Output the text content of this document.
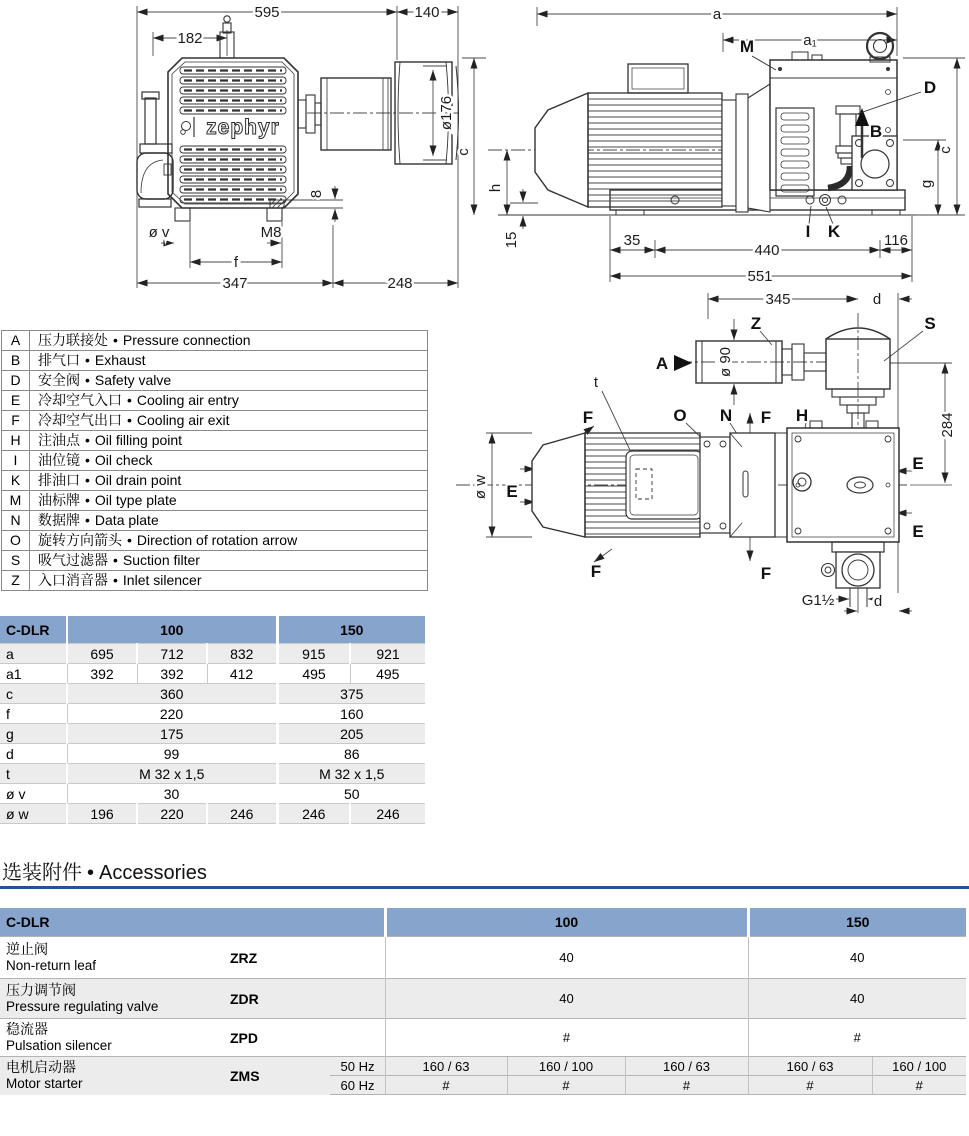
zephyr
595	140
182
ø176
8
ø v	M8
f
347	248
a
a₁
M
D
B
I K
c
h
15
g
c
35
440
116
551
345	d
Z	S
A	ø 90
284
t
F	F
F	F
O N	H
E
E
E
ø w
G1½	d
A	压力联接处 • Pressure connection
B	排气口 • Exhaust
D	安全阀 • Safety valve
E	冷却空气入口 • Cooling air entry
F	冷却空气出口 • Cooling air exit
H	注油点 • Oil filling point
I	油位镜 • Oil check
K	排油口 • Oil drain point
M	油标牌 • Oil type plate
N	数据牌 • Data plate
O	旋转方向箭头 • Direction of rotation arrow
S	吸气过滤器 • Suction filter
Z	入口消音器 • Inlet silencer
C-DLR	100			150	
a	695	712	832	915	921
a1	392	392	412	495	495
c	360			375	
f	220			160	
g	175			205	
d	99			86	
t	M 32 x 1,5			M 32 x 1,5	
ø v	30			50	
ø w	196	220	246	246	246
选装附件 • Accessories
C-DLR			100			150	

逆止阀
Non-return leaf	ZRZ		40			40	

压力调节阀
Pressure regulating valve	ZDR		40			40	

稳流器
Pulsation silencer	ZPD		#			#	

电机启动器
Motor starter	ZMS	50 Hz	160 / 63	160 / 100	160 / 63	160 / 63	160 / 100
		60 Hz	#	#	#	#	#
